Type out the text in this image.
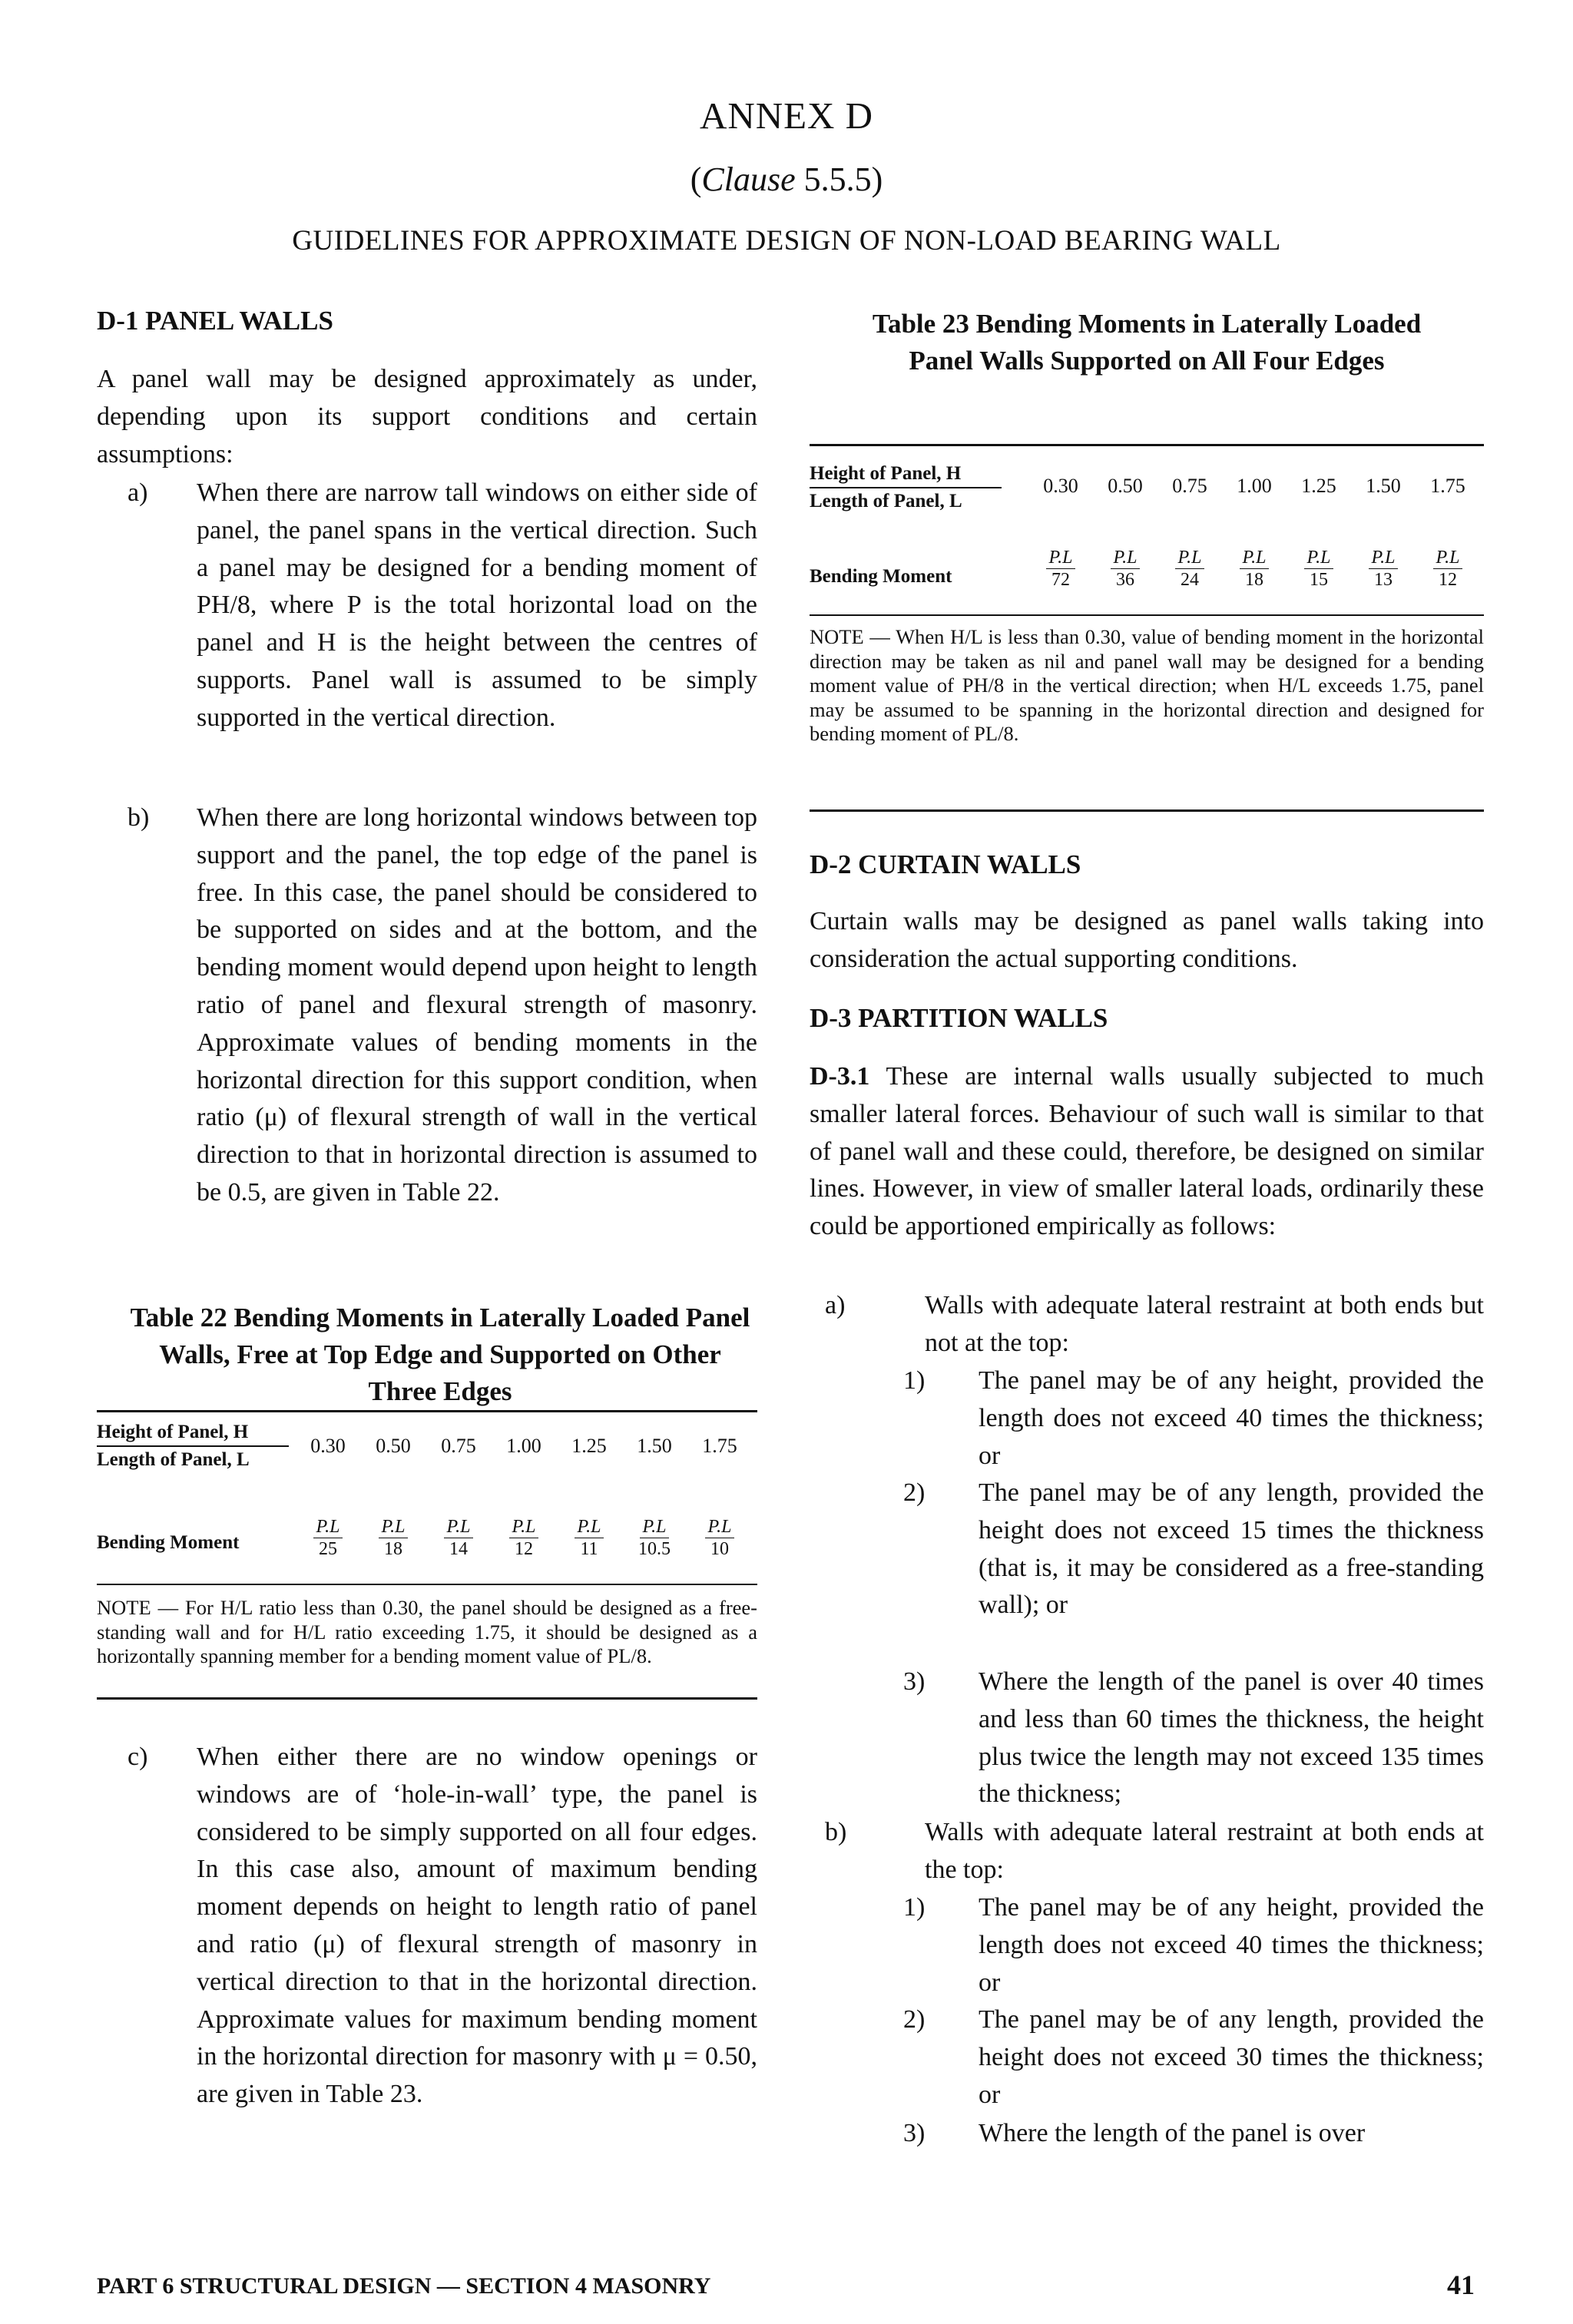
ANNEX D
(Clause 5.5.5)
GUIDELINES FOR APPROXIMATE DESIGN OF NON-LOAD BEARING WALL
D-1 PANEL WALLS
A panel wall may be designed approximately as under, depending upon its support conditions and certain assumptions:
a) When there are narrow tall windows on either side of panel, the panel spans in the vertical direction. Such a panel may be designed for a bending moment of PH/8, where P is the total horizontal load on the panel and H is the height between the centres of supports. Panel wall is assumed to be simply supported in the vertical direction.
b) When there are long horizontal windows between top support and the panel, the top edge of the panel is free. In this case, the panel should be considered to be supported on sides and at the bottom, and the bending moment would depend upon height to length ratio of panel and flexural strength of masonry. Approximate values of bending moments in the horizontal direction for this support condition, when ratio (μ) of flexural strength of wall in the vertical direction to that in horizontal direction is assumed to be 0.5, are given in Table 22.
Table 22 Bending Moments in Laterally Loaded Panel Walls, Free at Top Edge and Supported on Other Three Edges
Height of Panel, H
Length of Panel, L
0.30	0.50	0.75	1.00	1.25	1.50	1.75
Bending Moment	$\frac{P.L}{25} \frac{P.L}{18} \frac{P.L}{14} \frac{P.L}{12} \frac{P.L}{11} \frac{P.L}{10.5} \frac{P.L}{10}$
NOTE — For H/L ratio less than 0.30, the panel should be designed as a free-standing wall and for H/L ratio exceeding 1.75, it should be designed as a horizontally spanning member for a bending moment value of PL/8.
c) When either there are no window openings or windows are of ‘hole-in-wall’ type, the panel is considered to be simply supported on all four edges. In this case also, amount of maximum bending moment depends on height to length ratio of panel and ratio (μ) of flexural strength of masonry in vertical direction to that in the horizontal direction. Approximate values for maximum bending moment in the horizontal direction for masonry with μ = 0.50, are given in Table 23.
Table 23 Bending Moments in Laterally Loaded Panel Walls Supported on All Four Edges
Height of Panel, H
Length of Panel, L
0.30	0.50	0.75	1.00	1.25	1.50	1.75
Bending Moment	$\frac{P.L}{72} \frac{P.L}{36} \frac{P.L}{24} \frac{P.L}{18} \frac{P.L}{15} \frac{P.L}{13} \frac{P.L}{12}$
NOTE — When H/L is less than 0.30, value of bending moment in the horizontal direction may be taken as nil and panel wall may be designed for a bending moment value of PH/8 in the vertical direction; when H/L exceeds 1.75, panel may be assumed to be spanning in the horizontal direction and designed for bending moment of PL/8.
D-2 CURTAIN WALLS
Curtain walls may be designed as panel walls taking into consideration the actual supporting conditions.
D-3 PARTITION WALLS
D-3.1 These are internal walls usually subjected to much smaller lateral forces. Behaviour of such wall is similar to that of panel wall and these could, therefore, be designed on similar lines. However, in view of smaller lateral loads, ordinarily these could be apportioned empirically as follows:
a)	Walls with adequate lateral restraint at both ends but not at the top:
1) The panel may be of any height, provided the length does not exceed 40 times the thickness; or
2) The panel may be of any length, provided the height does not exceed 15 times the thickness (that is, it may be considered as a free-standing wall); or
3) Where the length of the panel is over 40 times and less than 60 times the thickness, the height plus twice the length may not exceed 135 times the thickness;
b)	Walls with adequate lateral restraint at both ends at the top:
1) The panel may be of any height, provided the length does not exceed 40 times the thickness; or
2) The panel may be of any length, provided the height does not exceed 30 times the thickness; or
3) Where the length of the panel is over
PART 6 STRUCTURAL DESIGN — SECTION 4 MASONRY	41
